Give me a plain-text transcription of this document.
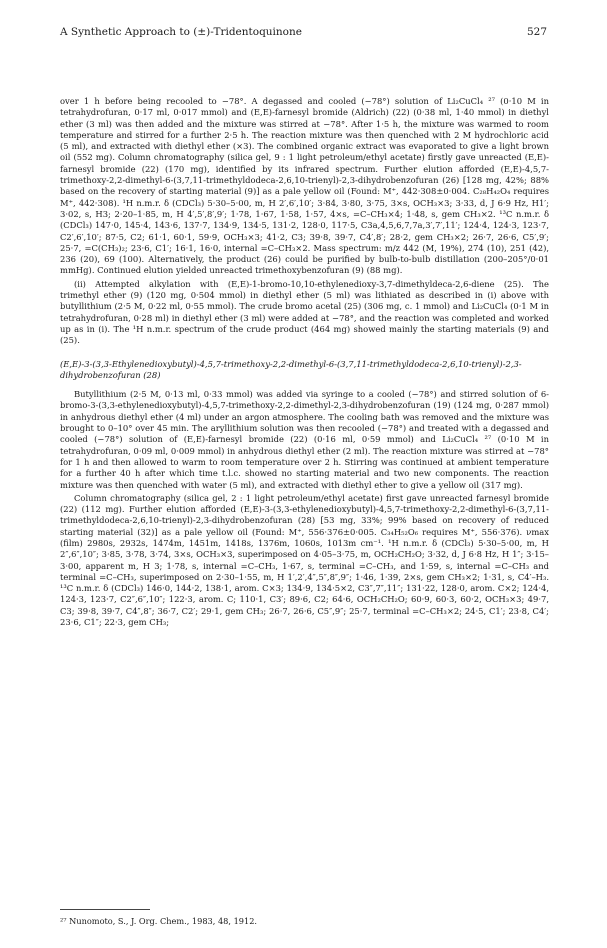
A Synthetic Approach to (±)-Tridentoquinone	527

over 1 h before being recooled to −78°. A degassed and cooled (−78°) solution of Li₂CuCl₄ ²⁷ (0·10 M in tetrahydrofuran, 0·17 ml, 0·017 mmol) and (E,E)-farnesyl bromide (Aldrich) (22) (0·38 ml, 1·40 mmol) in diethyl ether (3 ml) was then added and the mixture was stirred at −78°. After 1·5 h, the mixture was warmed to room temperature and stirred for a further 2·5 h. The reaction mixture was then quenched with 2 M hydrochloric acid (5 ml), and extracted with diethyl ether (×3). The combined organic extract was evaporated to give a light brown oil (552 mg). Column chromatography (silica gel, 9 : 1 light petroleum/ethyl acetate) firstly gave unreacted (E,E)-farnesyl bromide (22) (170 mg), identified by its infrared spectrum. Further elution afforded (E,E)-4,5,7-trimethoxy-2,2-dimethyl-6-(3,7,11-trimethyldodeca-2,6,10-trienyl)-2,3-dihydrobenzofuran (26) [128 mg, 42%; 88% based on the recovery of starting material (9)] as a pale yellow oil (Found: M⁺, 442·308±0·004. C₂₈H₄₂O₄ requires M⁺, 442·308). ¹H n.m.r. δ (CDCl₃) 5·30–5·00, m, H 2′,6′,10′; 3·84, 3·80, 3·75, 3×s, OCH₃×3; 3·33, d, J 6·9 Hz, H1′; 3·02, s, H3; 2·20–1·85, m, H 4′,5′,8′,9′; 1·78, 1·67, 1·58, 1·57, 4×s, =C–CH₃×4; 1·48, s, gem CH₃×2. ¹³C n.m.r. δ (CDCl₃) 147·0, 145·4, 143·6, 137·7, 134·9, 134·5, 131·2, 128·0, 117·5, C3a,4,5,6,7,7a,3′,7′,11′; 124·4, 124·3, 123·7, C2′,6′,10′; 87·5, C2; 61·1, 60·1, 59·9, OCH₃×3; 41·2, C3; 39·8, 39·7, C4′,8′; 28·2, gem CH₃×2; 26·7, 26·6, C5′,9′; 25·7, =C(CH₃)₂; 23·6, C1′; 16·1, 16·0, internal =C–CH₃×2. Mass spectrum: m/z 442 (M, 19%), 274 (10), 251 (42), 236 (20), 69 (100). Alternatively, the product (26) could be purified by bulb-to-bulb distillation (200–205°/0·01 mmHg). Continued elution yielded unreacted trimethoxybenzofuran (9) (88 mg).

(ii) Attempted alkylation with (E,E)-1-bromo-10,10-ethylenedioxy-3,7-dimethyldeca-2,6-diene (25). The trimethyl ether (9) (120 mg, 0·504 mmol) in diethyl ether (5 ml) was lithiated as described in (i) above with butyllithium (2·5 M, 0·22 ml, 0·55 mmol). The crude bromo acetal (25) (306 mg, c. 1 mmol) and Li₂CuCl₄ (0·1 M in tetrahydrofuran, 0·28 ml) in diethyl ether (3 ml) were added at −78°, and the reaction was completed and worked up as in (i). The ¹H n.m.r. spectrum of the crude product (464 mg) showed mainly the starting materials (9) and (25).

(E,E)-3-(3,3-Ethylenedioxybutyl)-4,5,7-trimethoxy-2,2-dimethyl-6-(3,7,11-trimethyldodeca-2,6,10-trienyl)-2,3-dihydrobenzofuran (28)

Butyllithium (2·5 M, 0·13 ml, 0·33 mmol) was added via syringe to a cooled (−78°) and stirred solution of 6-bromo-3-(3,3-ethylenedioxybutyl)-4,5,7-trimethoxy-2,2-dimethyl-2,3-dihydrobenzofuran (19) (124 mg, 0·287 mmol) in anhydrous diethyl ether (4 ml) under an argon atmosphere. The cooling bath was removed and the mixture was brought to 0–10° over 45 min. The aryllithium solution was then recooled (−78°) and treated with a degassed and cooled (−78°) solution of (E,E)-farnesyl bromide (22) (0·16 ml, 0·59 mmol) and Li₂CuCl₄ ²⁷ (0·10 M in tetrahydrofuran, 0·09 ml, 0·009 mmol) in anhydrous diethyl ether (2 ml). The reaction mixture was stirred at −78° for 1 h and then allowed to warm to room temperature over 2 h. Stirring was continued at ambient temperature for a further 40 h after which time t.l.c. showed no starting material and two new components. The reaction mixture was then quenched with water (5 ml), and extracted with diethyl ether to give a yellow oil (317 mg).

Column chromatography (silica gel, 2 : 1 light petroleum/ethyl acetate) first gave unreacted farnesyl bromide (22) (112 mg). Further elution afforded (E,E)-3-(3,3-ethylenedioxybutyl)-4,5,7-trimethoxy-2,2-dimethyl-6-(3,7,11-trimethyldodeca-2,6,10-trienyl)-2,3-dihydrobenzofuran (28) [53 mg, 33%; 99% based on recovery of reduced starting material (32)] as a pale yellow oil (Found: M⁺, 556·376±0·005. C₃₄H₅₂O₆ requires M⁺, 556·376). νmax (film) 2980s, 2932s, 1474m, 1451m, 1418s, 1376m, 1060s, 1013m cm⁻¹. ¹H n.m.r. δ (CDCl₃) 5·30–5·00, m, H 2″,6″,10″; 3·85, 3·78, 3·74, 3×s, OCH₃×3, superimposed on 4·05–3·75, m, OCH₂CH₂O; 3·32, d, J 6·8 Hz, H 1″; 3·15–3·00, apparent m, H 3; 1·78, s, internal =C–CH₃, 1·67, s, terminal =C–CH₃, and 1·59, s, internal =C–CH₃ and terminal =C–CH₃, superimposed on 2·30–1·55, m, H 1′,2′,4″,5″,8″,9″; 1·46, 1·39, 2×s, gem CH₃×2; 1·31, s, C4′–H₃. ¹³C n.m.r. δ (CDCl₃) 146·0, 144·2, 138·1, arom. C×3; 134·9, 134·5×2, C3″,7″,11″; 131·22, 128·0, arom. C×2; 124·4, 124·3, 123·7, C2″,6″,10″; 122·3, arom. C; 110·1, C3′; 89·6, C2; 64·6, OCH₂CH₂O; 60·9, 60·3, 60·2, OCH₃×3; 49·7, C3; 39·8, 39·7, C4″,8″; 36·7, C2′; 29·1, gem CH₃; 26·7, 26·6, C5″,9″; 25·7, terminal =C–CH₃×2; 24·5, C1′; 23·8, C4′; 23·6, C1″; 22·3, gem CH₃;

²⁷ Nunomoto, S., J. Org. Chem., 1983, 48, 1912.
